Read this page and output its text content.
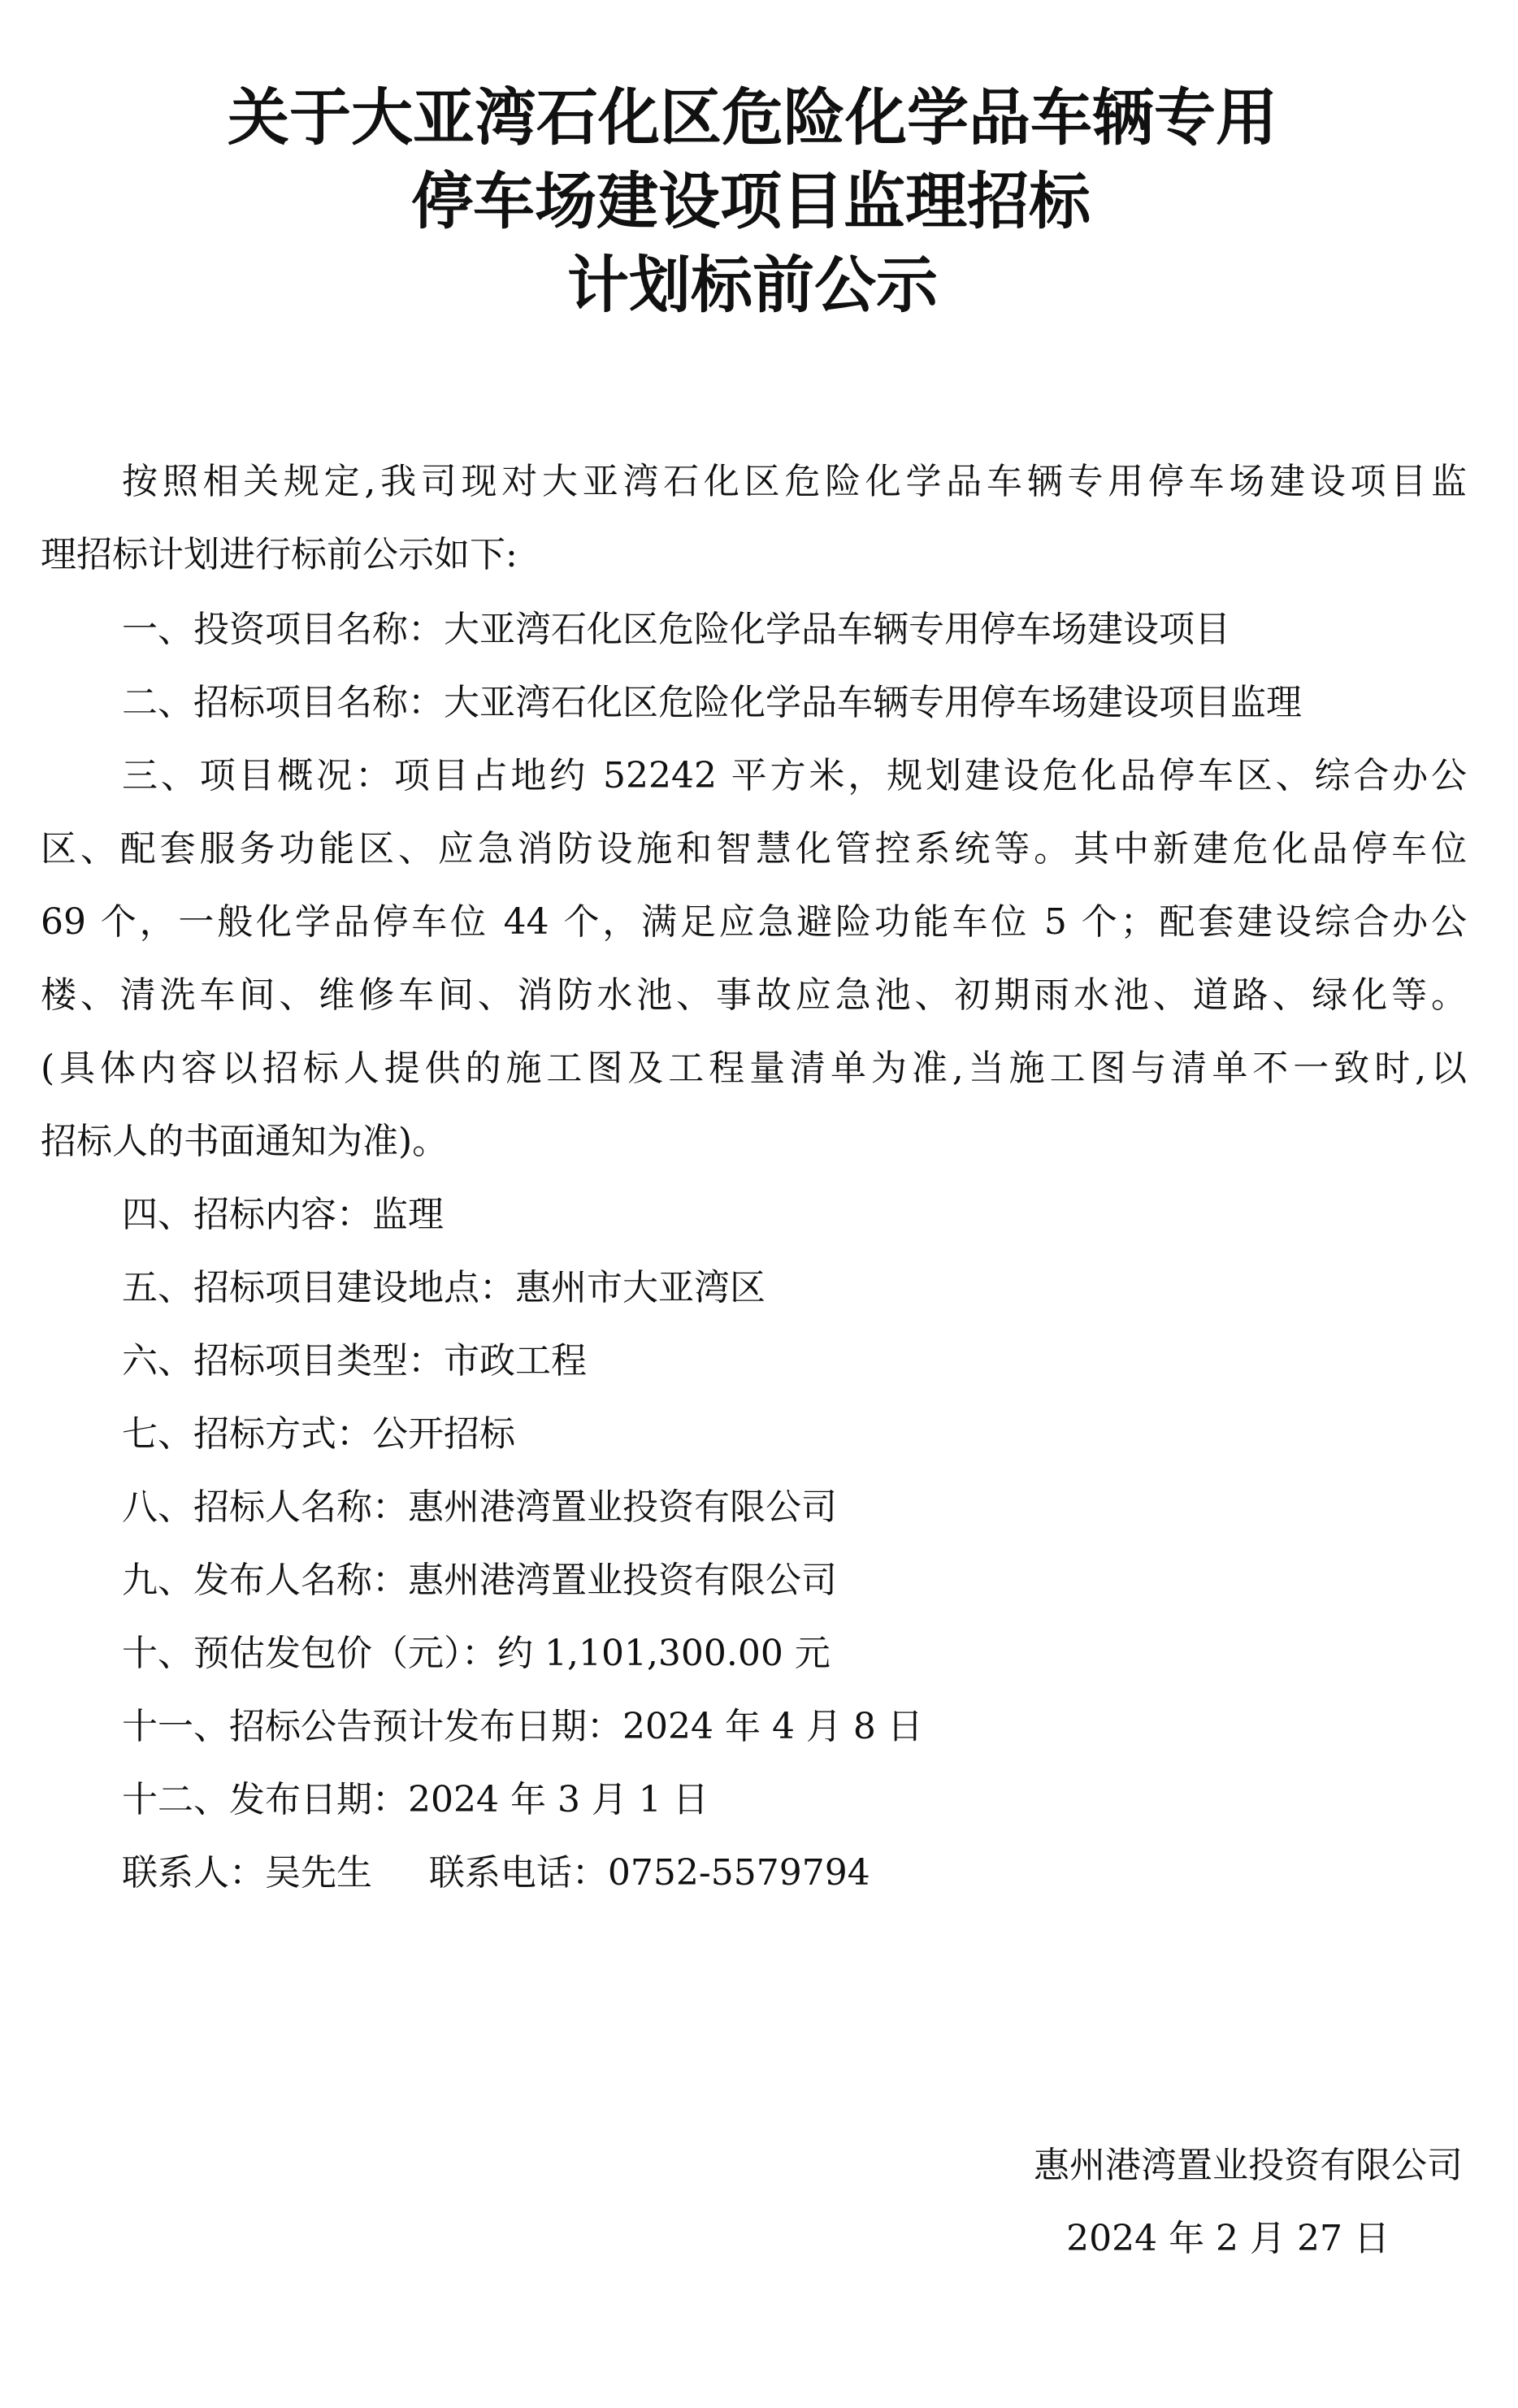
关于大亚湾石化区危险化学品车辆专用
停车场建设项目监理招标
计划标前公示

按照相关规定,我司现对大亚湾石化区危险化学品车辆专用停车场建设项目监

理招标计划进行标前公示如下:

一、投资项目名称：大亚湾石化区危险化学品车辆专用停车场建设项目

二、招标项目名称：大亚湾石化区危险化学品车辆专用停车场建设项目监理

三、项目概况：项目占地约 52242 平方米，规划建设危化品停车区、综合办公

区、配套服务功能区、应急消防设施和智慧化管控系统等。其中新建危化品停车位

69 个，一般化学品停车位 44 个，满足应急避险功能车位 5 个；配套建设综合办公

楼、清洗车间、维修车间、消防水池、事故应急池、初期雨水池、道路、绿化等。

(具体内容以招标人提供的施工图及工程量清单为准,当施工图与清单不一致时,以

招标人的书面通知为准)。

四、招标内容：监理

五、招标项目建设地点：惠州市大亚湾区

六、招标项目类型：市政工程

七、招标方式：公开招标

八、招标人名称：惠州港湾置业投资有限公司

九、发布人名称：惠州港湾置业投资有限公司

十、预估发包价（元）：约 1,101,300.00 元

十一、招标公告预计发布日期：2024 年 4 月 8 日

十二、发布日期：2024 年 3 月 1 日

联系人：吴先生     联系电话：0752-5579794

惠州港湾置业投资有限公司

2024 年 2 月 27 日
